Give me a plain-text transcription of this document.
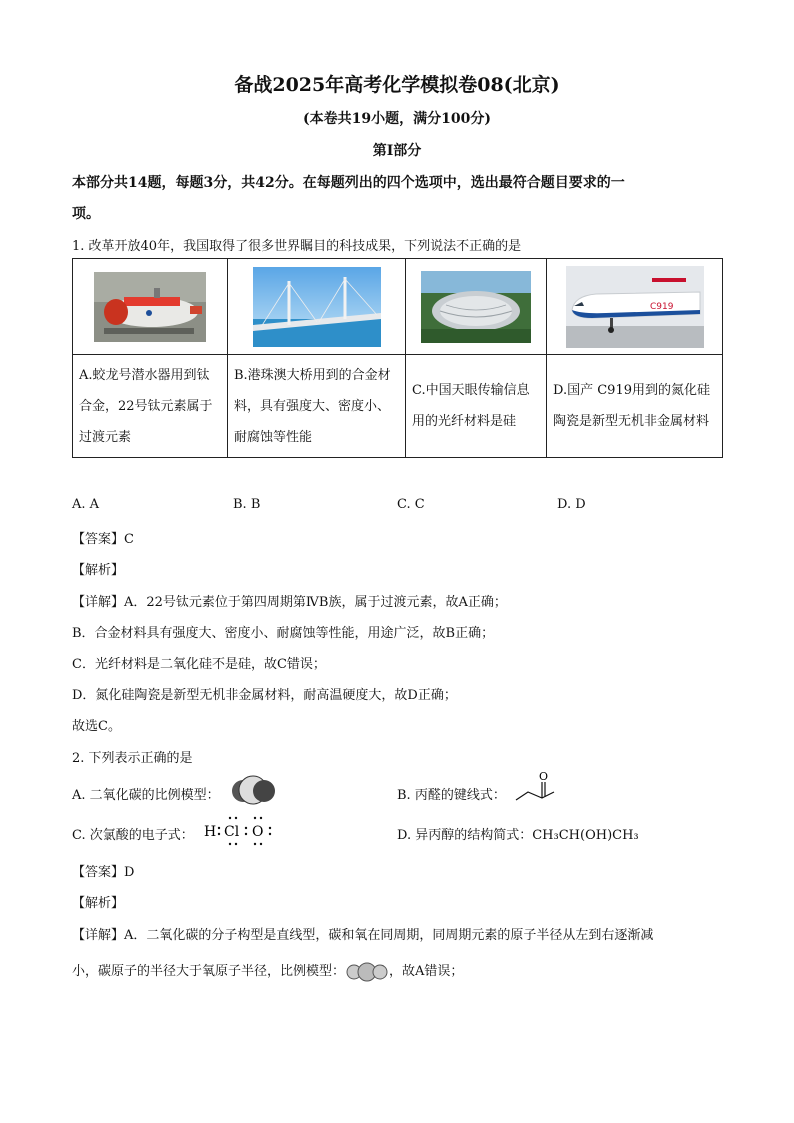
备战2025年高考化学模拟卷08(北京)
(本卷共19小题，满分100分)
第I部分
本部分共14题，每题3分，共42分。在每题列出的四个选项中，选出最符合题目要求的一
项。
1. 改革开放40年，我国取得了很多世界瞩目的科技成果，下列说法不正确的是

C919

A.蛟龙号潜水器用到钛合金，22号钛元素属于过渡元素	B.港珠澳大桥用到的合金材料，具有强度大、密度小、耐腐蚀等性能	C.中国天眼传输信息用的光纤材料是硅	D.国产 C919用到的氮化硅陶瓷是新型无机非金属材料
A. A	B. B	C. C	D. D
【答案】C
【解析】
【详解】A．22号钛元素位于第四周期第ⅣB族，属于过渡元素，故A正确；
B．合金材料具有强度大、密度小、耐腐蚀等性能，用途广泛，故B正确；
C．光纤材料是二氧化硅不是硅，故C错误；
D．氮化硅陶瓷是新型无机非金属材料，耐高温硬度大，故D正确；
故选C。
2. 下列表示正确的是
A. 二氧化碳的比例模型：	B. 丙醛的键线式：
O
C. 次氯酸的电子式： H Cl O	D. 异丙醇的结构简式：CH₃CH(OH)CH₃
【答案】D
【解析】
【详解】A．二氧化碳的分子构型是直线型，碳和氧在同周期，同周期元素的原子半径从左到右逐渐减
小，碳原子的半径大于氧原子半径，比例模型：	，故A错误；
